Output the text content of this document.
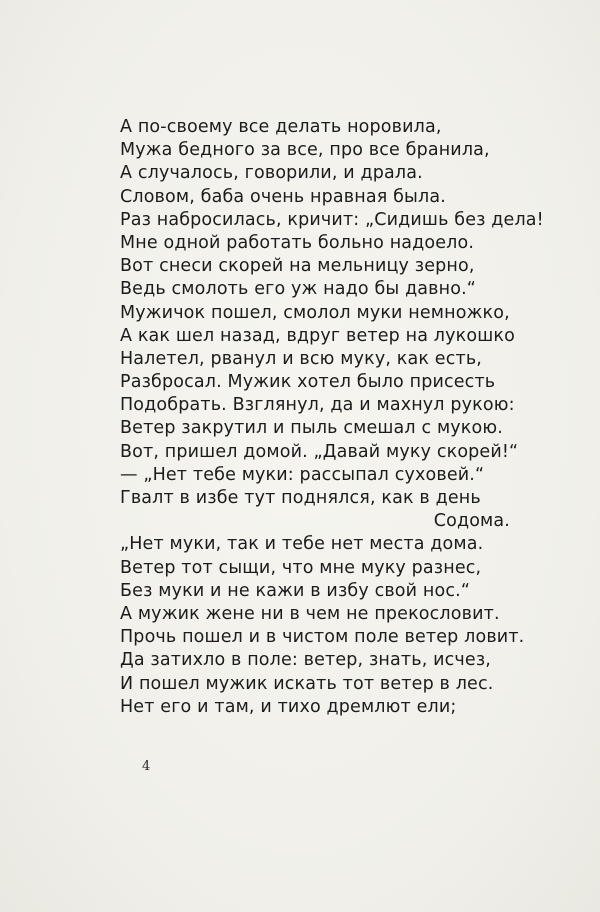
А по-своему все делать норовила,
Мужа бедного за все, про все бранила,
А случалось, говорили, и драла.
Словом, баба очень нравная была.
Раз набросилась, кричит: „Сидишь без дела!
Мне одной работать больно надоело.
Вот снеси скорей на мельницу зерно,
Ведь смолоть его уж надо бы давно.“
Мужичок пошел, смолол муки немножко,
А как шел назад, вдруг ветер на лукошко
Налетел, рванул и всю муку, как есть,
Разбросал. Мужик хотел было присесть
Подобрать. Взглянул, да и махнул рукою:
Ветер закрутил и пыль смешал с мукою.
Вот, пришел домой. „Давай муку скорей!“
— „Нет тебе муки: рассыпал суховей.“
Гвалт в избе тут поднялся, как в день
Содома.
„Нет муки, так и тебе нет места дома.
Ветер тот сыщи, что мне муку разнес,
Без муки и не кажи в избу свой нос.“
А мужик жене ни в чем не прекословит.
Прочь пошел и в чистом поле ветер ловит.
Да затихло в поле: ветер, знать, исчез,
И пошел мужик искать тот ветер в лес.
Нет его и там, и тихо дремлют ели;
4
